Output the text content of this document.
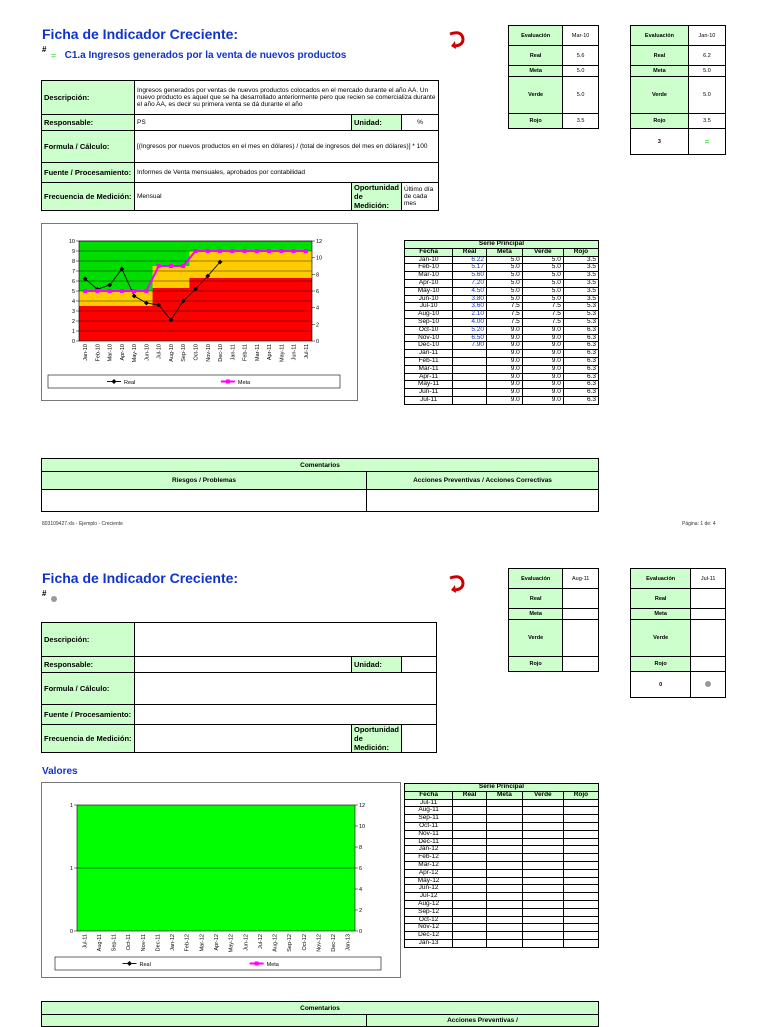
Ficha de Indicador Creciente:
# = C1.a Ingresos generados por la venta de nuevos productos
Evaluación	Mar-10
Real	5.6
Meta	5.0
Verde	5.0
Rojo	3.5
Evaluación	Jan-10
Real	6.2
Meta	5.0
Verde	5.0
Rojo	3.5
3	=
Descripción:	Ingresos generados por ventas de nuevos productos colocados en el mercado durante el año AA. Un nuevo producto es aquel que se ha desarrollado anteriormente pero que recien se comercializa durante el año AA, es decir su primera venta se dá durante el año		
Responsable:	PS	Unidad:	%
Formula / Cálculo:	[(Ingresos por nuevos productos en el mes en dólares) / (total de ingresos del mes en dólares)] * 100		
Fuente / Procesamiento:	Informes de Venta mensuales, aprobados por contabilidad		
Frecuencia de Medición:	Mensual	Oportunidad de Medición:	Último día de cada mes
0
1
2
3
4
5
6
7
8
9
10
0
2
4
6
8
10
12
Jan-10 Feb-10 Mar-10 Apr-10 May-10 Jun-10 Jul-10 Aug-10 Sep-10 Oct-10 Nov-10 Dec-10 Jan-11 Feb-11 Mar-11 Apr-11 May-11 Jun-11 Jul-11
Real	Meta
Serie Principal				
Fecha	Real	Meta	Verde	Rojo
Jan-10	6.22	5.0	5.0	3.5
Feb-10	5.17	5.0	5.0	3.5
Mar-10	5.60	5.0	5.0	3.5
Apr-10	7.20	5.0	5.0	3.5
May-10	4.50	5.0	5.0	3.5
Jun-10	3.80	5.0	5.0	3.5
Jul-10	3.60	7.5	7.5	5.3
Aug-10	2.10	7.5	7.5	5.3
Sep-10	4.00	7.5	7.5	5.3
Oct-10	5.20	9.0	9.0	6.3
Nov-10	6.50	9.0	9.0	6.3
Dec-10	7.90	9.0	9.0	6.3
Jan-11		9.0	9.0	6.3
Feb-11		9.0	9.0	6.3
Mar-11		9.0	9.0	6.3
Apr-11		9.0	9.0	6.3
May-11		9.0	9.0	6.3
Jun-11		9.0	9.0	6.3
Jul-11		9.0	9.0	6.3
Comentarios	
Riesgos / Problemas	Acciones Preventivas / Acciones Correctivas

803109427.xls - Ejemplo - Creciente	Página: 1 de: 4
Ficha de Indicador Creciente:
#
Evaluación	Aug-11
Real	
Meta	
Verde	
Rojo	
Evaluación	Jul-11
Real	
Meta	
Verde	
Rojo	
0	
Descripción:			
Responsable:		Unidad:	
Formula / Cálculo:			
Fuente / Procesamiento:			
Frecuencia de Medición:		Oportunidad de Medición:	
Valores
0
1
1
0
2
4
6
8
10
12
Jul-11 Aug-11 Sep-11 Oct-11 Nov-11 Dec-11 Jan-12 Feb-12 Mar-12 Apr-12 May-12 Jun-12 Jul-12 Aug-12 Sep-12 Oct-12 Nov-12 Dec-12 Jan-13
Real	Meta
Serie Principal				
Fecha	Real	Meta	Verde	Rojo
Jul-11				
Aug-11				
Sep-11				
Oct-11				
Nov-11				
Dec-11				
Jan-12				
Feb-12				
Mar-12				
Apr-12				
May-12				
Jun-12				
Jul-12				
Aug-12				
Sep-12				
Oct-12				
Nov-12				
Dec-12				
Jan-13				
Comentarios
	Acciones Preventivas /
